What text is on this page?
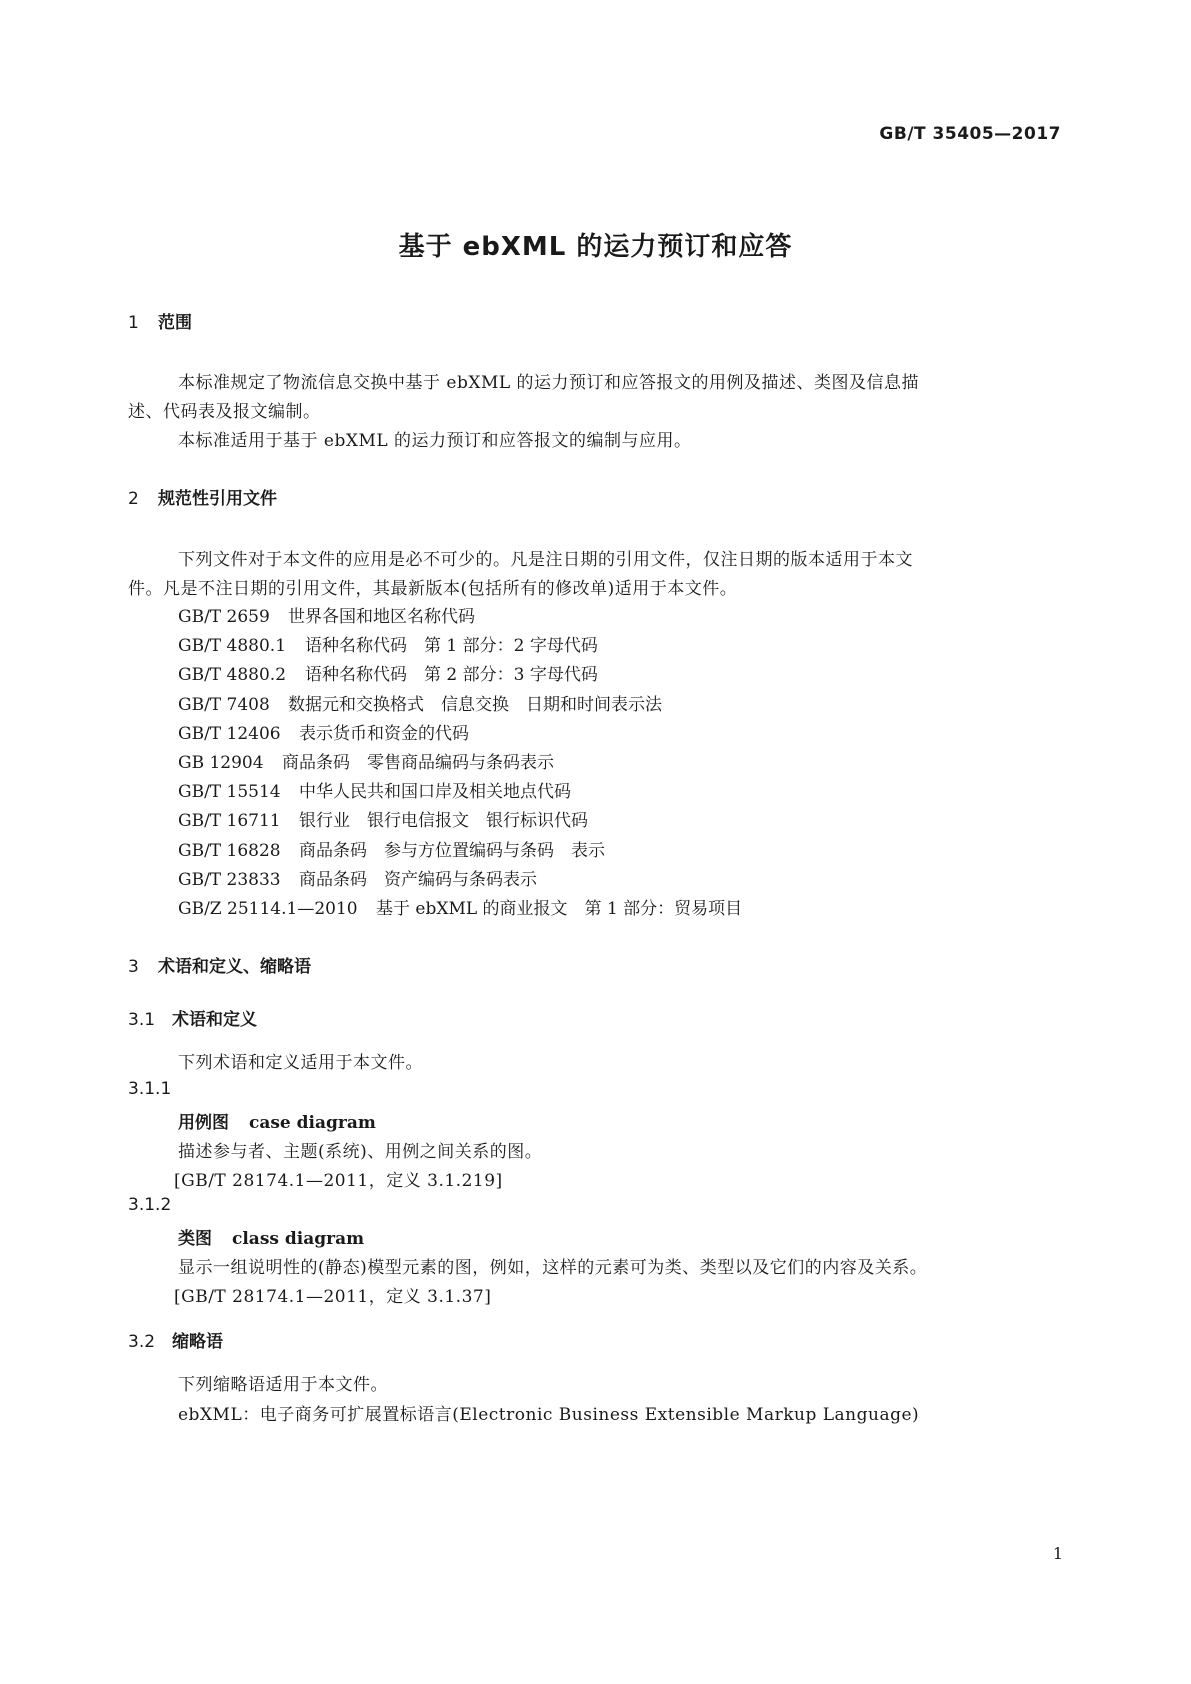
GB/T 35405—2017
基于 ebXML 的运力预订和应答
1 范围
本标准规定了物流信息交换中基于 ebXML 的运力预订和应答报文的用例及描述、类图及信息描
述、代码表及报文编制。
本标准适用于基于 ebXML 的运力预订和应答报文的编制与应用。
2 规范性引用文件
下列文件对于本文件的应用是必不可少的。凡是注日期的引用文件，仅注日期的版本适用于本文
件。凡是不注日期的引用文件，其最新版本(包括所有的修改单)适用于本文件。
GB/T 2659 世界各国和地区名称代码
GB/T 4880.1 语种名称代码　第 1 部分：2 字母代码
GB/T 4880.2 语种名称代码　第 2 部分：3 字母代码
GB/T 7408 数据元和交换格式　信息交换　日期和时间表示法
GB/T 12406 表示货币和资金的代码
GB 12904 商品条码　零售商品编码与条码表示
GB/T 15514 中华人民共和国口岸及相关地点代码
GB/T 16711 银行业　银行电信报文　银行标识代码
GB/T 16828 商品条码　参与方位置编码与条码　表示
GB/T 23833 商品条码　资产编码与条码表示
GB/Z 25114.1—2010 基于 ebXML 的商业报文　第 1 部分：贸易项目
3 术语和定义、缩略语
3.1 术语和定义
下列术语和定义适用于本文件。
3.1.1
用例图 case diagram
描述参与者、主题(系统)、用例之间关系的图。
[GB/T 28174.1—2011，定义 3.1.219]
3.1.2
类图 class diagram
显示一组说明性的(静态)模型元素的图，例如，这样的元素可为类、类型以及它们的内容及关系。
[GB/T 28174.1—2011，定义 3.1.37]
3.2 缩略语
下列缩略语适用于本文件。
ebXML：电子商务可扩展置标语言(Electronic Business Extensible Markup Language)
1
